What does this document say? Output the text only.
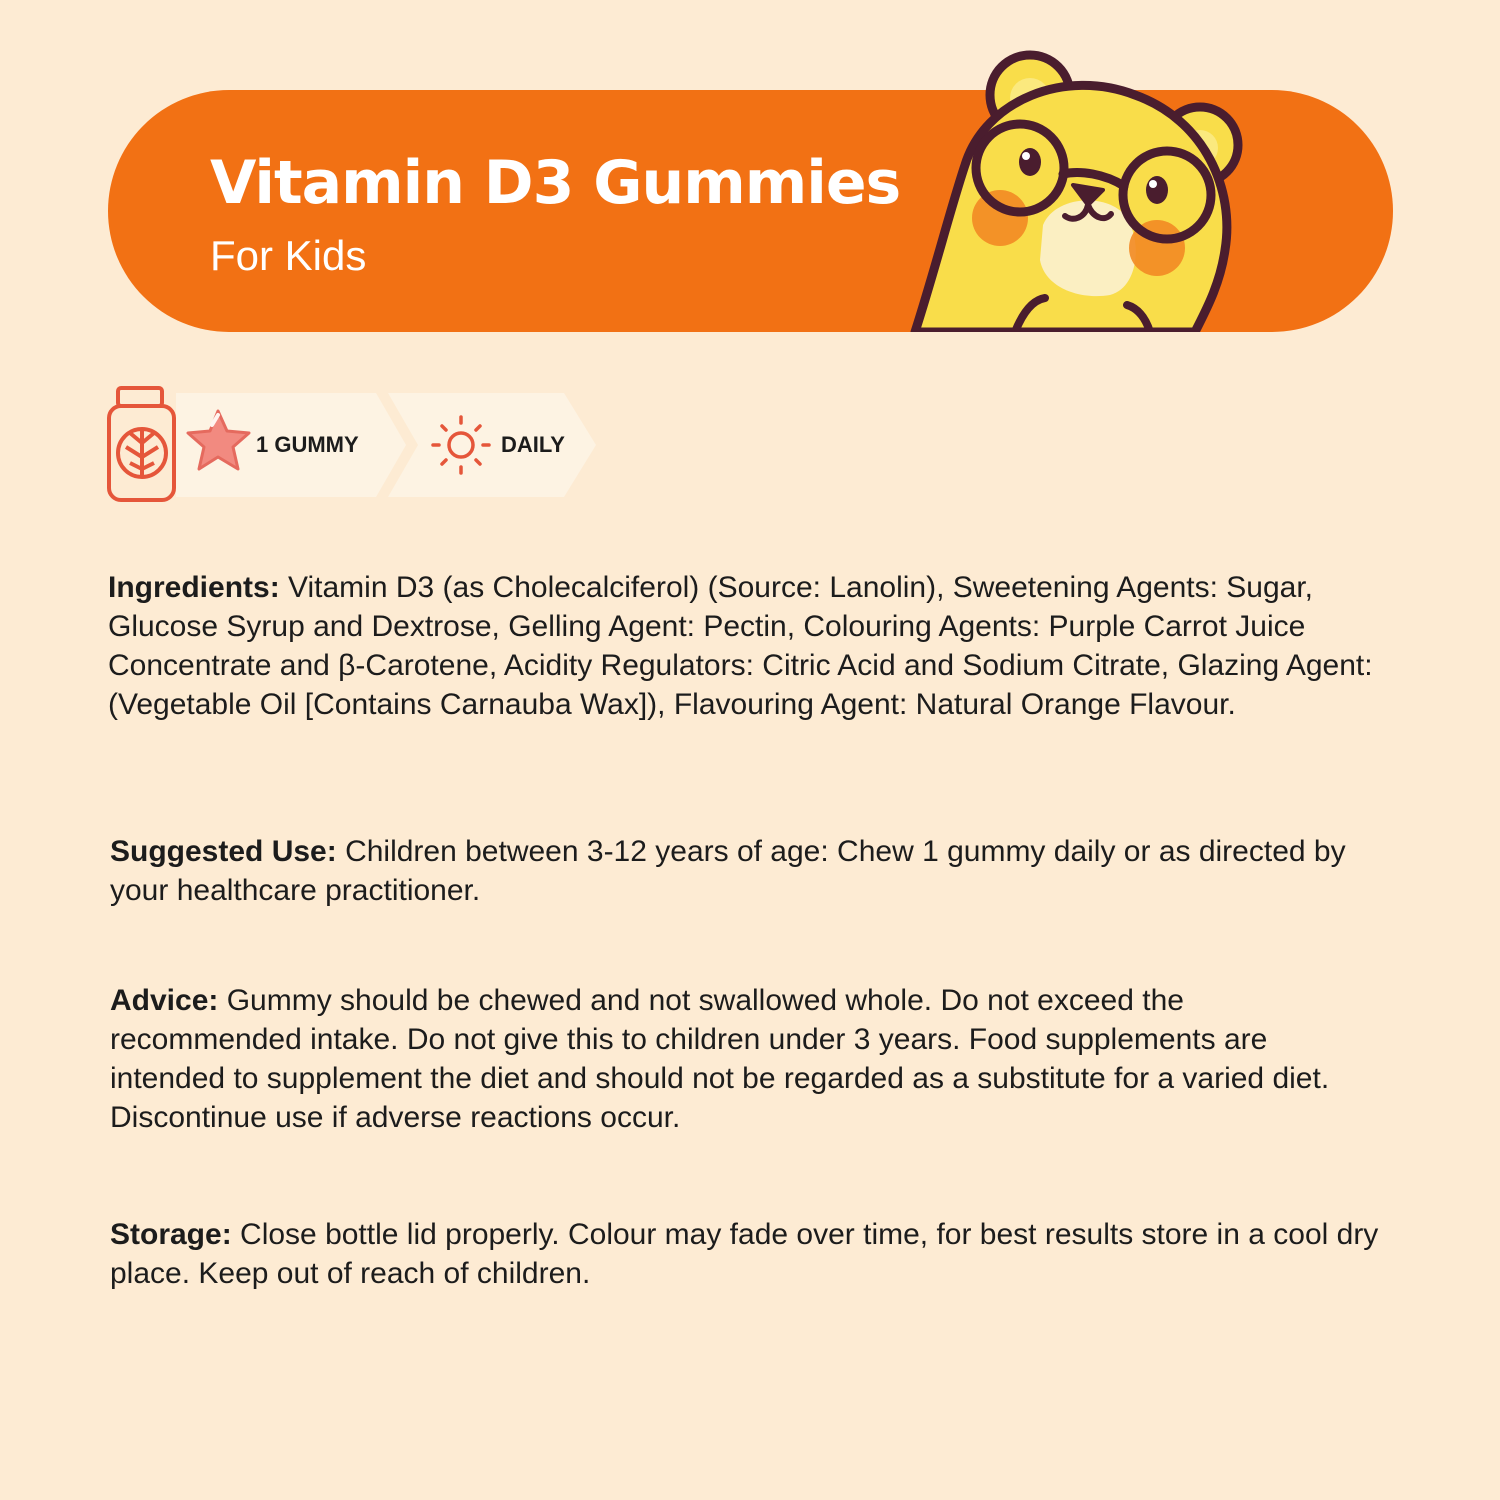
Vitamin D3 Gummies
For Kids
1 GUMMY	DAILY
Ingredients: Vitamin D3 (as Cholecalciferol) (Source: Lanolin), Sweetening Agents: Sugar, Glucose Syrup and Dextrose, Gelling Agent: Pectin, Colouring Agents: Purple Carrot Juice Concentrate and β-Carotene, Acidity Regulators: Citric Acid and Sodium Citrate, Glazing Agent: (Vegetable Oil [Contains Carnauba Wax]), Flavouring Agent: Natural Orange Flavour.
Suggested Use: Children between 3-12 years of age: Chew 1 gummy daily or as directed by your healthcare practitioner.
Advice: Gummy should be chewed and not swallowed whole. Do not exceed the recommended intake. Do not give this to children under 3 years. Food supplements are intended to supplement the diet and should not be regarded as a substitute for a varied diet. Discontinue use if adverse reactions occur.
Storage: Close bottle lid properly. Colour may fade over time, for best results store in a cool dry place. Keep out of reach of children.
